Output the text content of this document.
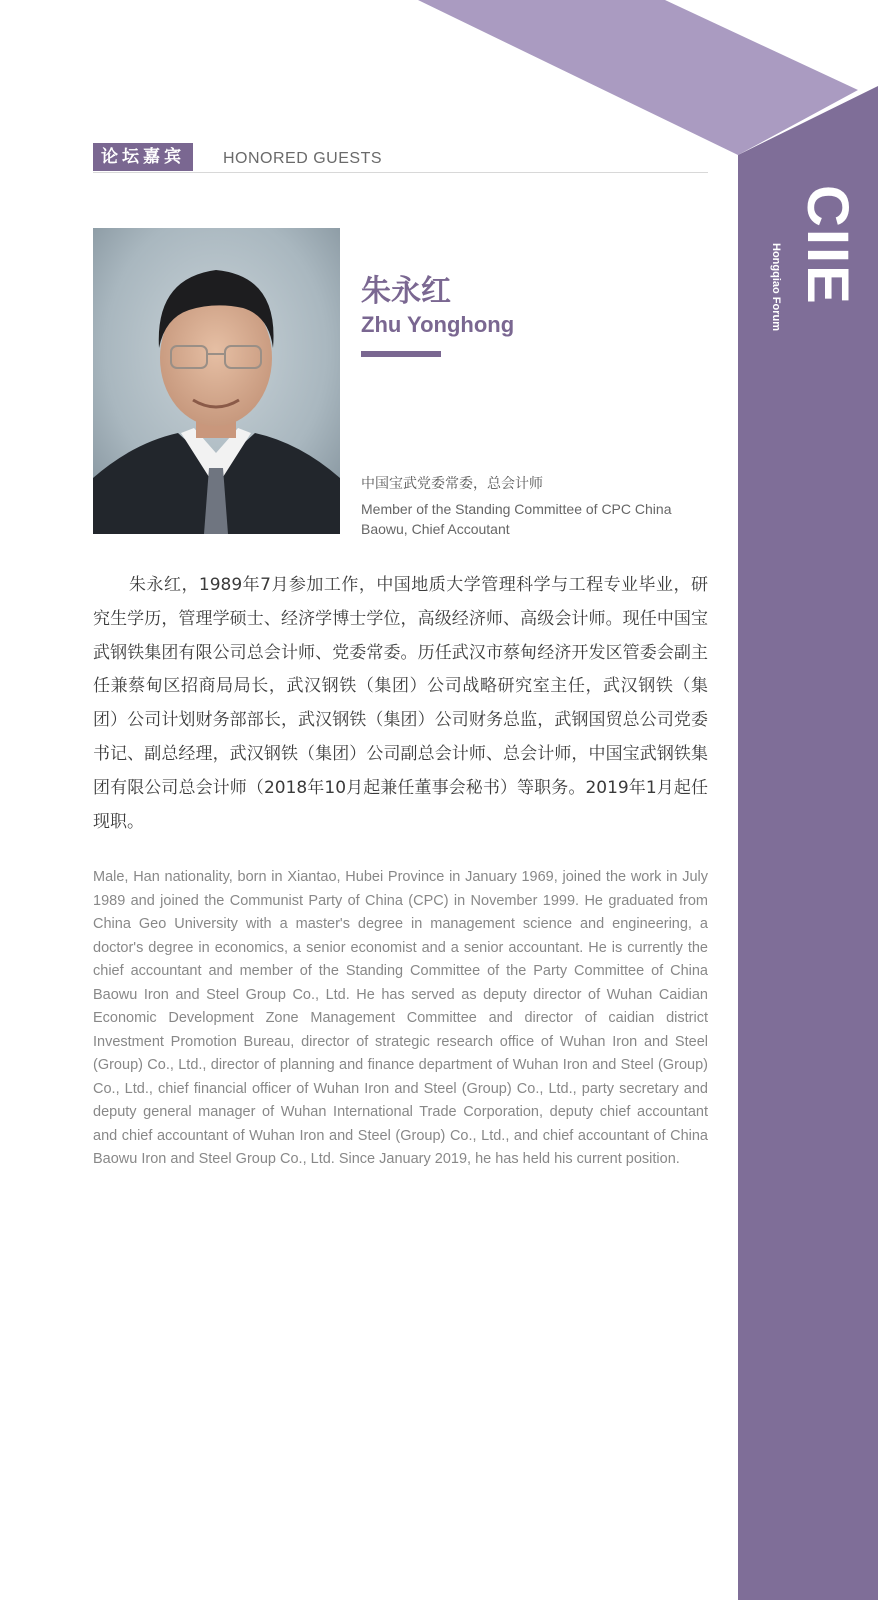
CIIE
Hongqiao Forum
论坛嘉宾	HONORED GUESTS
朱永红
Zhu Yonghong
中国宝武党委常委，总会计师
Member of the Standing Committee of CPC China Baowu, Chief Accoutant

朱永红，1989年7月参加工作，中国地质大学管理科学与工程专业毕业，研究生学历，管理学硕士、经济学博士学位，高级经济师、高级会计师。现任中国宝武钢铁集团有限公司总会计师、党委常委。历任武汉市蔡甸经济开发区管委会副主任兼蔡甸区招商局局长，武汉钢铁（集团）公司战略研究室主任，武汉钢铁（集团）公司计划财务部部长，武汉钢铁（集团）公司财务总监，武钢国贸总公司党委书记、副总经理，武汉钢铁（集团）公司副总会计师、总会计师，中国宝武钢铁集团有限公司总会计师（2018年10月起兼任董事会秘书）等职务。2019年1月起任现职。

Male, Han nationality, born in Xiantao, Hubei Province in January 1969, joined the work in July 1989 and joined the Communist Party of China (CPC) in November 1999. He graduated from China Geo University with a master's degree in management science and engineering, a doctor's degree in economics, a senior economist and a senior accountant. He is currently the chief accountant and member of the Standing Committee of the Party Committee of China Baowu Iron and Steel Group Co., Ltd. He has served as deputy director of Wuhan Caidian Economic Development Zone Management Committee and director of caidian district Investment Promotion Bureau, director of strategic research office of Wuhan Iron and Steel (Group) Co., Ltd., director of planning and finance department of Wuhan Iron and Steel (Group) Co., Ltd., chief financial officer of Wuhan Iron and Steel (Group) Co., Ltd., party secretary and deputy general manager of Wuhan International Trade Corporation, deputy chief accountant and chief accountant of Wuhan Iron and Steel (Group) Co., Ltd., and chief accountant of China Baowu Iron and Steel Group Co., Ltd. Since January 2019, he has held his current position.
